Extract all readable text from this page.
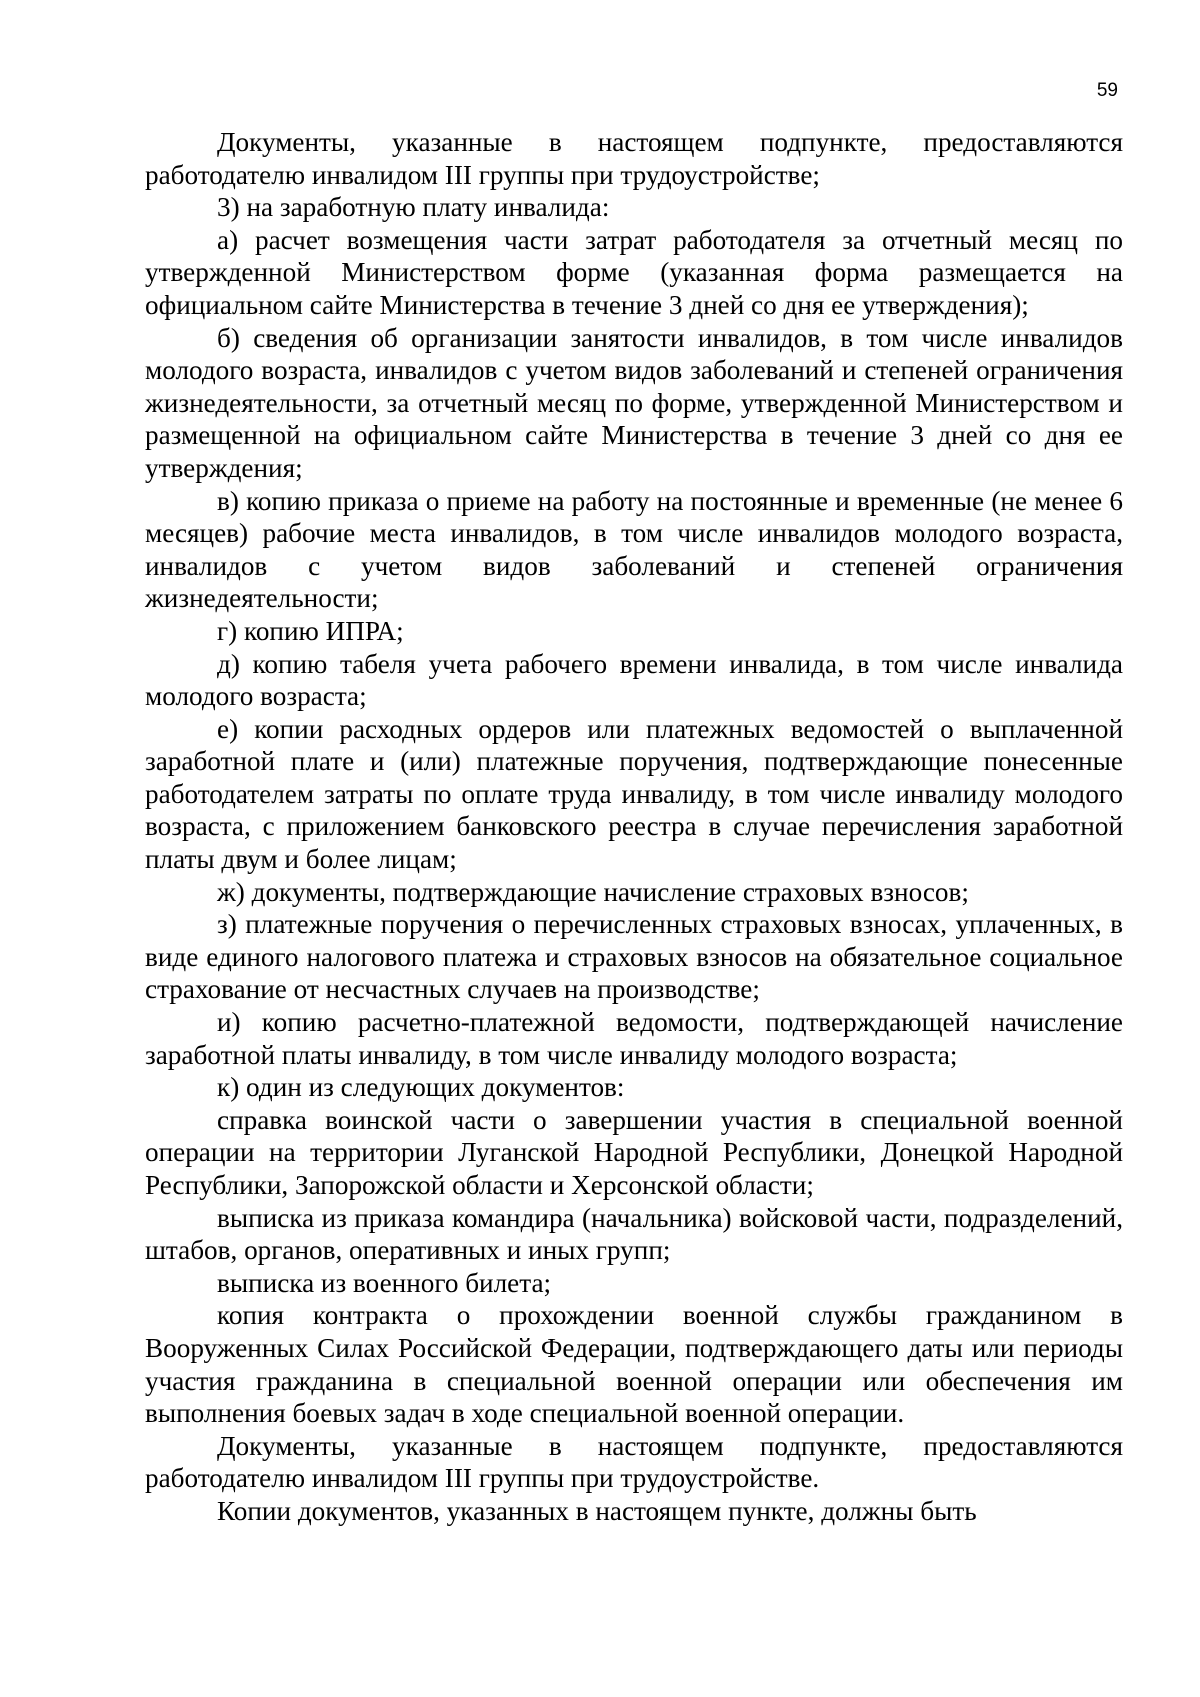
59

Документы, указанные в настоящем подпункте, предоставляются работодателю инвалидом III группы при трудоустройстве;

3) на заработную плату инвалида:

а) расчет возмещения части затрат работодателя за отчетный месяц по утвержденной Министерством форме (указанная форма размещается на официальном сайте Министерства в течение 3 дней со дня ее утверждения);

б) сведения об организации занятости инвалидов, в том числе инвалидов молодого возраста, инвалидов с учетом видов заболеваний и степеней ограничения жизнедеятельности, за отчетный месяц по форме, утвержденной Министерством и размещенной на официальном сайте Министерства в течение 3 дней со дня ее утверждения;

в) копию приказа о приеме на работу на постоянные и временные (не менее 6 месяцев) рабочие места инвалидов, в том числе инвалидов молодого возраста, инвалидов с учетом видов заболеваний и степеней ограничения жизнедеятельности;

г) копию ИПРА;

д) копию табеля учета рабочего времени инвалида, в том числе инвалида молодого возраста;

е) копии расходных ордеров или платежных ведомостей о выплаченной заработной плате и (или) платежные поручения, подтверждающие понесенные работодателем затраты по оплате труда инвалиду, в том числе инвалиду молодого возраста, с приложением банковского реестра в случае перечисления заработной платы двум и более лицам;

ж) документы, подтверждающие начисление страховых взносов;

з) платежные поручения о перечисленных страховых взносах, уплаченных, в виде единого налогового платежа и страховых взносов на обязательное социальное страхование от несчастных случаев на производстве;

и) копию расчетно-платежной ведомости, подтверждающей начисление заработной платы инвалиду, в том числе инвалиду молодого возраста;

к) один из следующих документов:

справка воинской части о завершении участия в специальной военной операции на территории Луганской Народной Республики, Донецкой Народной Республики, Запорожской области и Херсонской области;

выписка из приказа командира (начальника) войсковой части, подразделений, штабов, органов, оперативных и иных групп;

выписка из военного билета;

копия контракта о прохождении военной службы гражданином в Вооруженных Силах Российской Федерации, подтверждающего даты или периоды участия гражданина в специальной военной операции или обеспечения им выполнения боевых задач в ходе специальной военной операции.

Документы, указанные в настоящем подпункте, предоставляются работодателю инвалидом III группы при трудоустройстве.

Копии документов, указанных в настоящем пункте, должны быть
